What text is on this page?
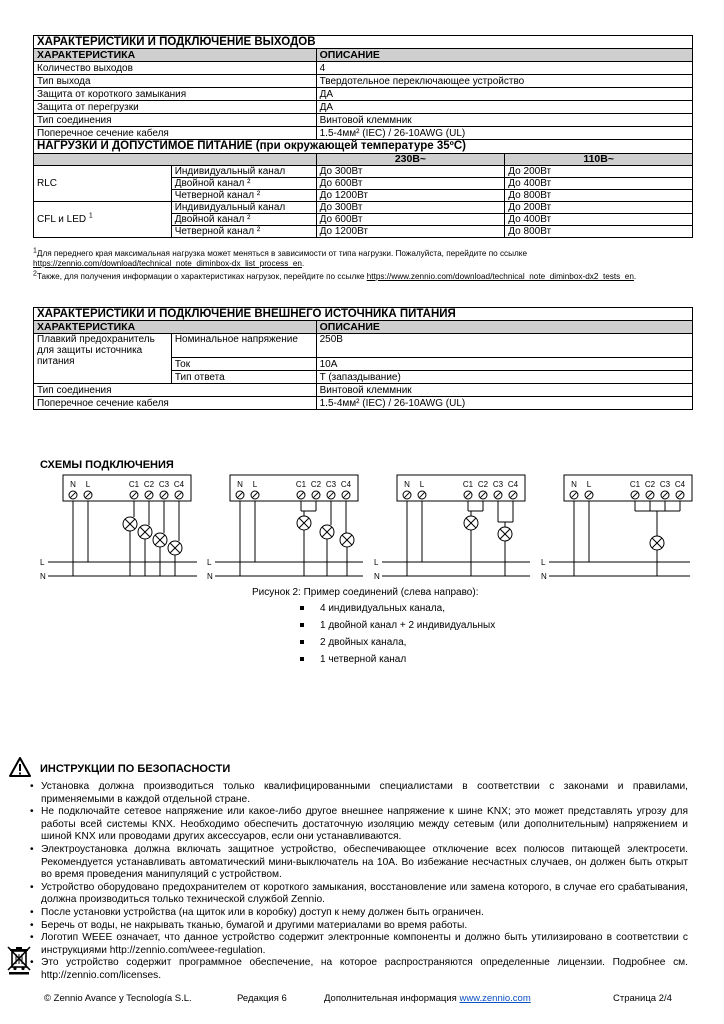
ХАРАКТЕРИСТИКИ И ПОДКЛЮЧЕНИЕ ВЫХОДОВ			
ХАРАКТЕРИСТИКА		ОПИСАНИЕ	
Количество выходов		4	
Тип выхода		Твердотельное переключающее устройство	
Защита от короткого замыкания		ДА	
Защита от перегрузки		ДА	
Тип соединения		Винтовой клеммник	
Поперечное сечение кабеля		1.5-4мм² (IEC) / 26-10AWG (UL)	
НАГРУЗКИ И ДОПУСТИМОЕ ПИТАНИЕ (при окружающей температуре 35ºC)			
		230В~	110В~
RLC	Индивидуальный канал	До 300Вт	До 200Вт
	Двойной канал ²	До 600Вт	До 400Вт
	Четверной канал ²	До 1200Вт	До 800Вт
CFL и LED $^1$	Индивидуальный канал	До 300Вт	До 200Вт
	Двойной канал ²	До 600Вт	До 400Вт
	Четверной канал ²	До 1200Вт	До 800Вт
1Для переднего края максимальная нагрузка может меняться в зависимости от типа нагрузки. Пожалуйста, перейдите по ссылке
https://zennio.com/download/technical_note_diminbox-dx_list_process_en.
2Также, для получения информации о характеристиках нагрузок, перейдите по ссылке https://www.zennio.com/download/technical_note_diminbox-dx2_tests_en.
ХАРАКТЕРИСТИКИ И ПОДКЛЮЧЕНИЕ ВНЕШНЕГО ИСТОЧНИКА ПИТАНИЯ		
ХАРАКТЕРИСТИКА		ОПИСАНИЕ
Плавкий предохранитель для защиты источника питания	Номинальное напряжение	250В
	Ток	10A
	Тип ответа	T (запаздывание)
Тип соединения		Винтовой клеммник
Поперечное сечение кабеля		1.5-4мм² (IEC) / 26-10AWG (UL)
СХЕМЫ ПОДКЛЮЧЕНИЯ
N L	C1 C2 C3 C4
L
N
N L	C1 C2 C3 C4
L
N
N L	C1 C2 C3 C4
L
N
N L	C1 C2 C3 C4
L
N
Рисунок 2: Пример соединений (слева направо):
4 индивидуальных канала,
1 двойной канал + 2 индивидуальных
2 двойных канала,
1 четверной канал
ИНСТРУКЦИИ ПО БЕЗОПАСНОСТИ
• Установка должна производиться только квалифицированными специалистами в соответствии с законами и правилами, применяемыми в каждой отдельной стране.
• Не подключайте сетевое напряжение или какое-либо другое внешнее напряжение к шине KNX; это может представлять угрозу для работы всей системы KNX. Необходимо обеспечить достаточную изоляцию между сетевым (или дополнительным) напряжением и шиной KNX или проводами других аксессуаров, если они устанавливаются.
• Электроустановка должна включать защитное устройство, обеспечивающее отключение всех полюсов питающей электросети. Рекомендуется устанавливать автоматический мини-выключатель на 10A. Во избежание несчастных случаев, он должен быть открыт во время проведения манипуляций с устройством.
• Устройство оборудовано предохранителем от короткого замыкания, восстановление или замена которого, в случае его срабатывания, должна производиться только технической службой Zennio.
• После установки устройства (на щиток или в коробку) доступ к нему должен быть ограничен.
• Беречь от воды, не накрывать тканью, бумагой и другими материалами во время работы.
• Логотип WEEE означает, что данное устройство содержит электронные компоненты и должно быть утилизировано в соответствии с инструкциями http://zennio.com/weee-regulation.
• Это устройство содержит программное обеспечение, на которое распространяются определенные лицензии. Подробнее см. http://zennio.com/licenses.
© Zennio Avance y Tecnología S.L.	Редакция 6	Дополнительная информация www.zennio.com	Страница 2/4
